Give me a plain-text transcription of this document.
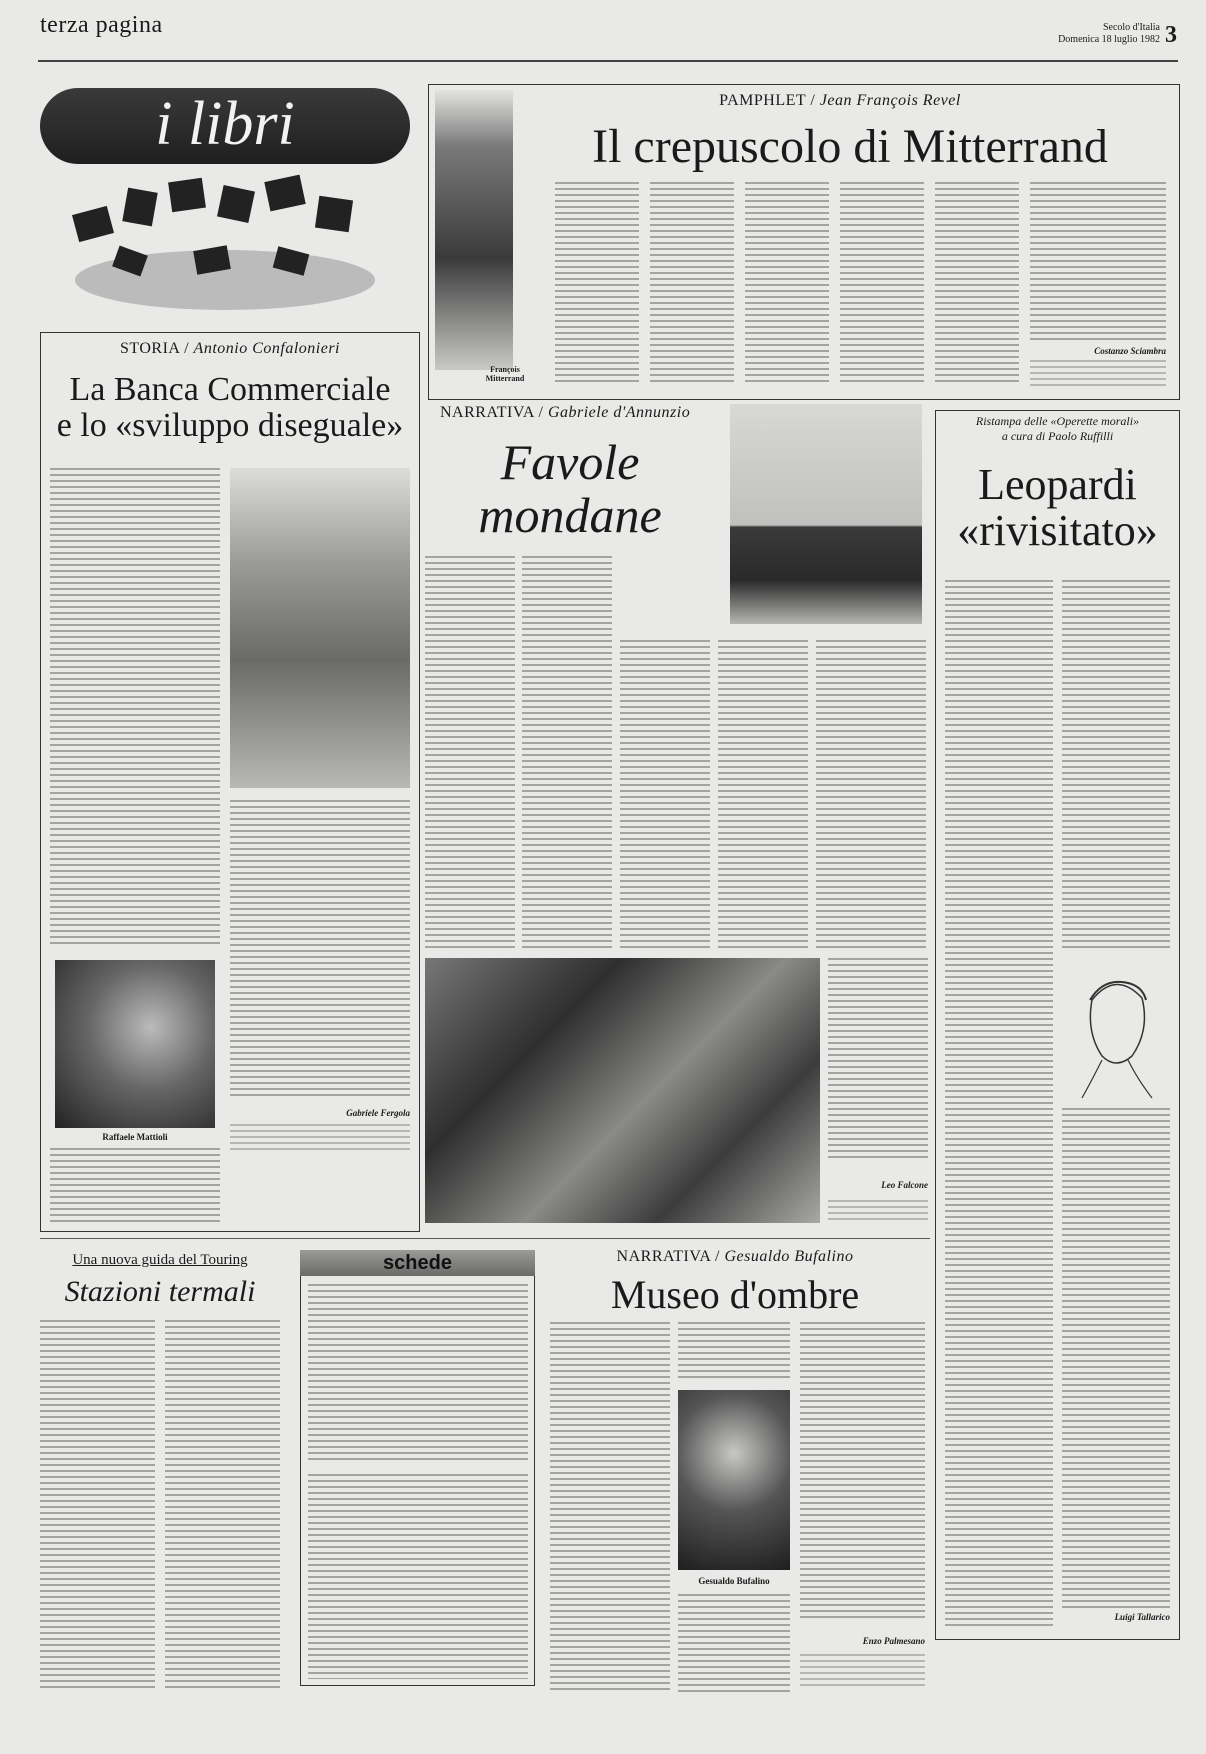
terza pagina	Secolo d'Italia
Domenica 18 luglio 1982 3
i libri
François Mitterrand
PAMPHLET / Jean François Revel
Il crepuscolo di Mitterrand
Costanzo Sciambra
STORIA / Antonio Confalonieri
La Banca Commerciale
e lo «sviluppo diseguale»
Raffaele Mattioli
Gabriele Fergola
NARRATIVA / Gabriele d'Annunzio
Favole
mondane
Leo Falcone
Ristampa delle «Operette morali»
a cura di Paolo Ruffilli
Leopardi
«rivisitato»
Luigi Tallarico
Una nuova guida del Touring
Stazioni termali
schede	NARRATIVA / Gesualdo Bufalino
Museo d'ombre
Gesualdo Bufalino
Enzo Palmesano
